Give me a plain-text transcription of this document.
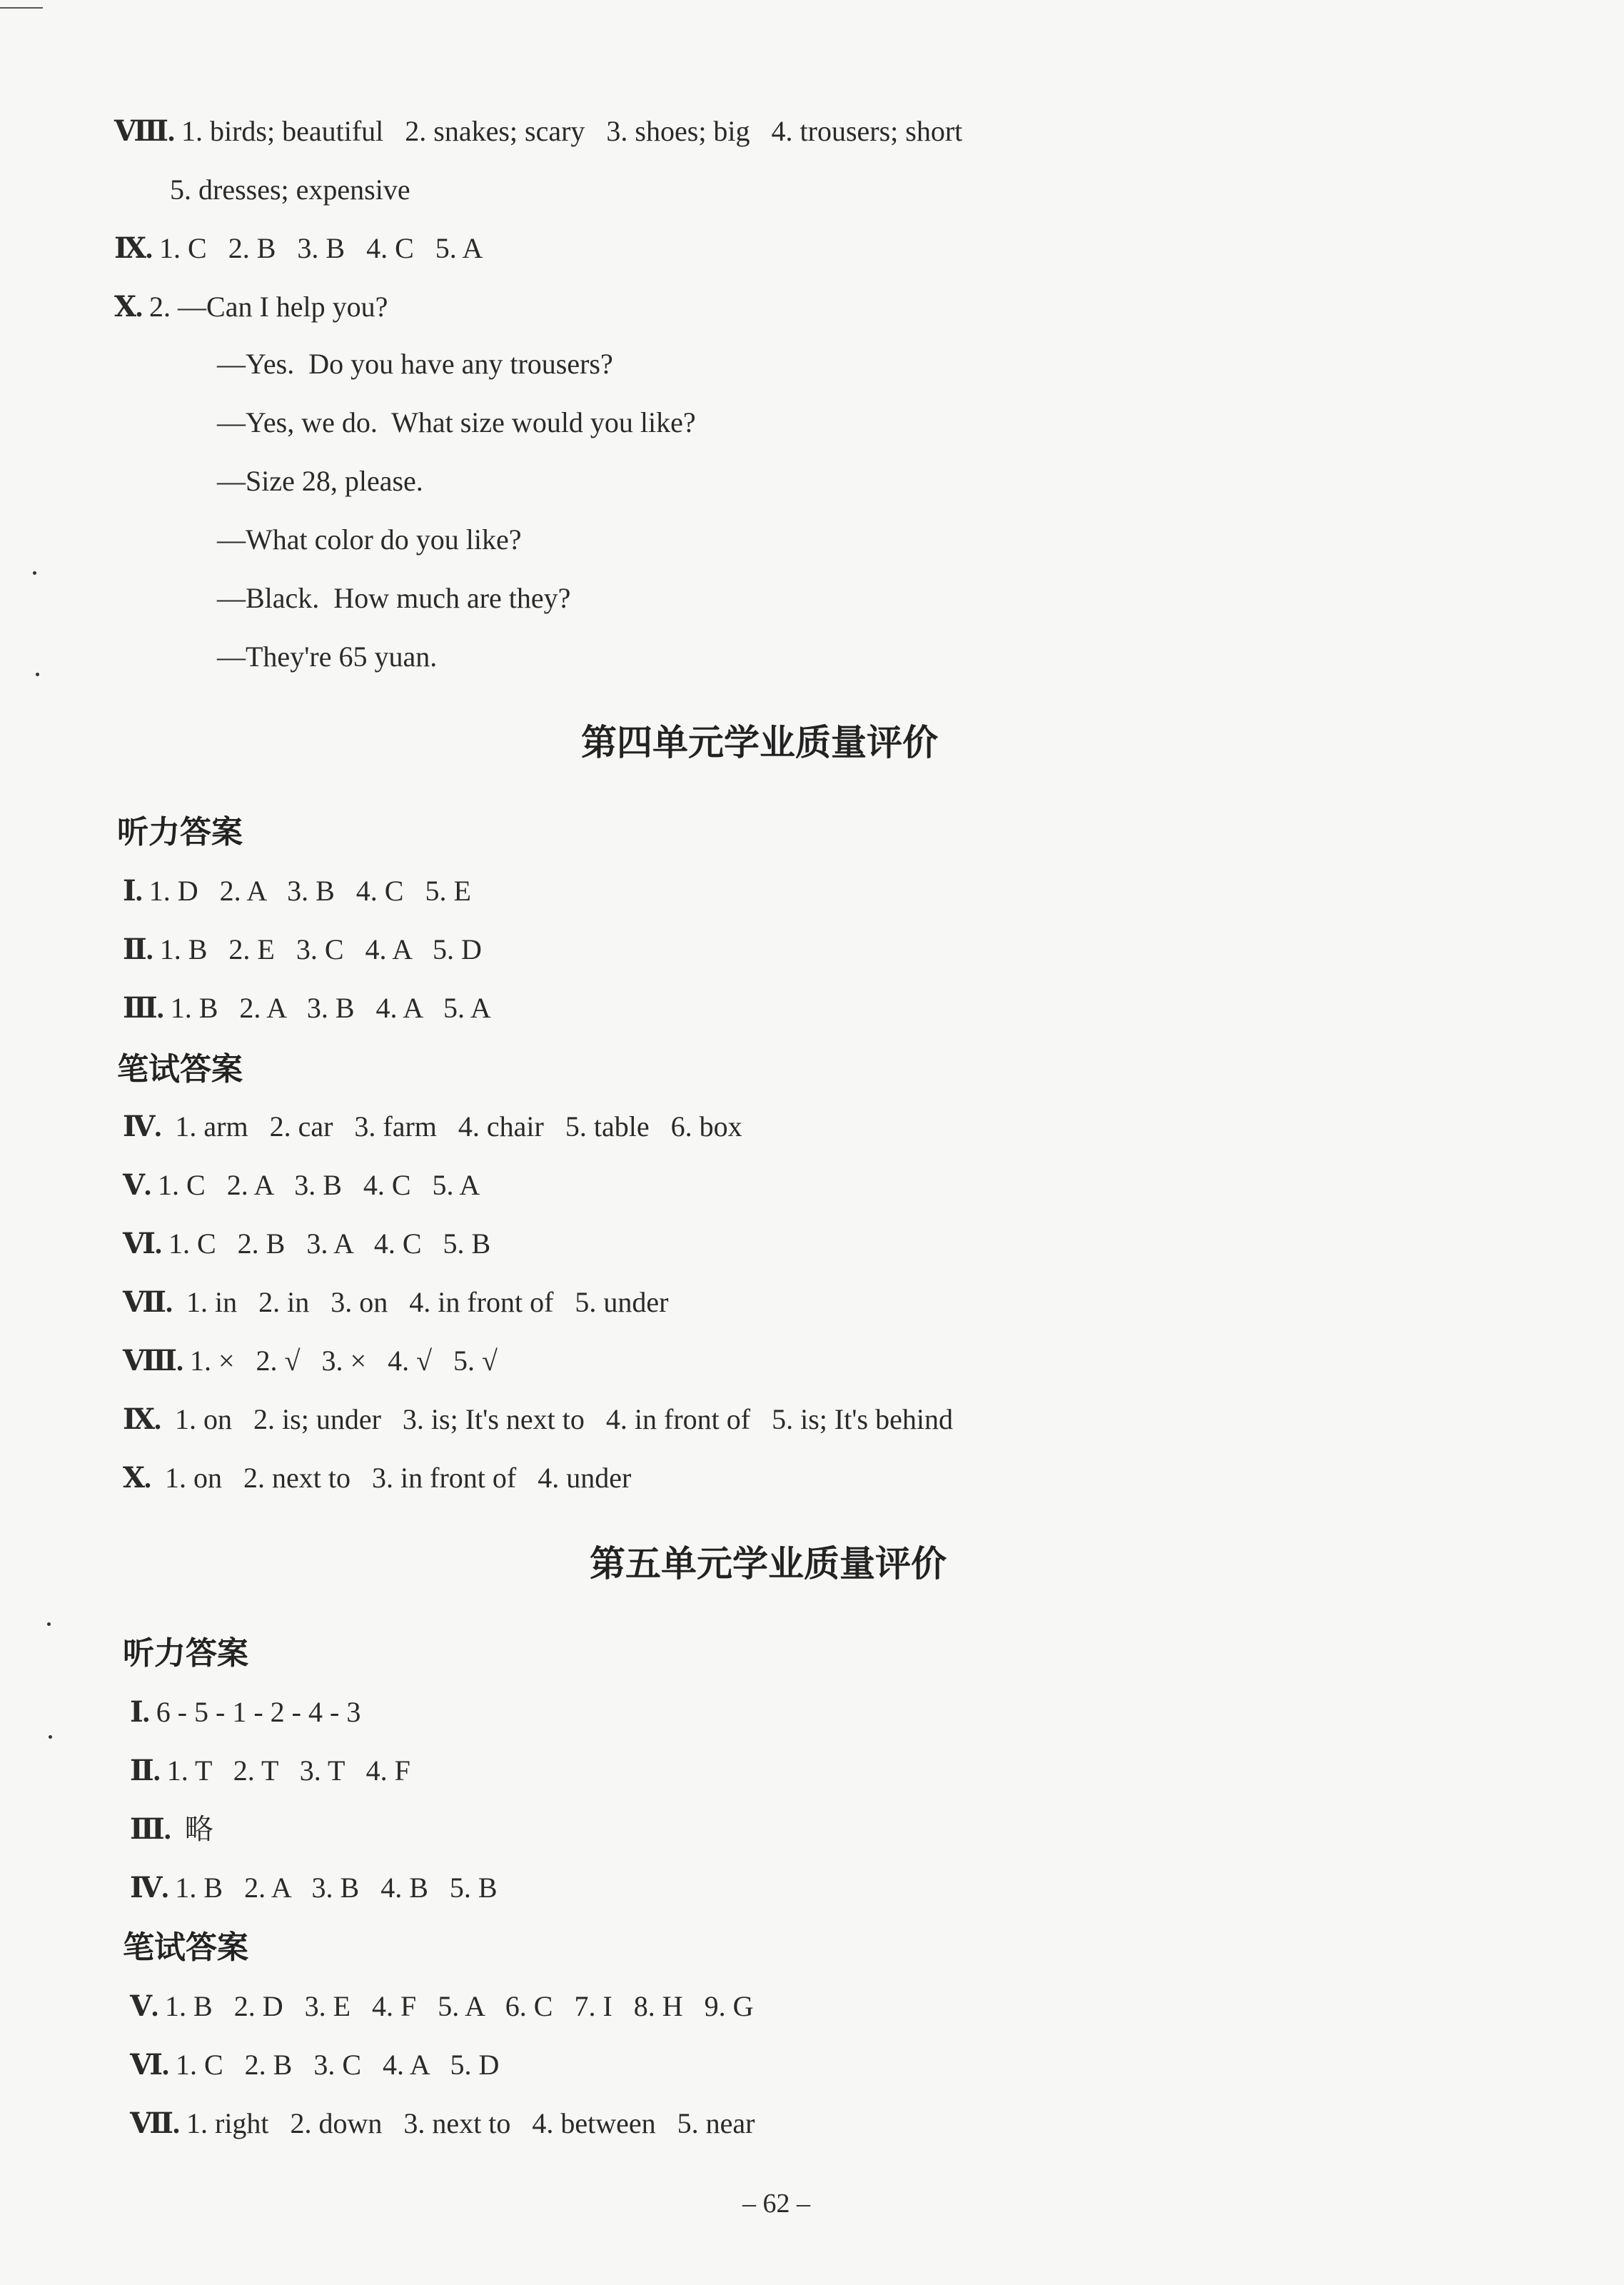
Ⅷ. 1. birds; beautiful   2. snakes; scary   3. shoes; big   4. trousers; short
5. dresses; expensive
Ⅸ. 1. C   2. B   3. B   4. C   5. A
Ⅹ. 2. —Can I help you?
—Yes.  Do you have any trousers?
—Yes, we do.  What size would you like?
—Size 28, please.
—What color do you like?
—Black.  How much are they?
—They're 65 yuan.
第四单元学业质量评价
听力答案
Ⅰ. 1. D   2. A   3. B   4. C   5. E
Ⅱ. 1. B   2. E   3. C   4. A   5. D
Ⅲ. 1. B   2. A   3. B   4. A   5. A
笔试答案
Ⅳ.  1. arm   2. car   3. farm   4. chair   5. table   6. box
Ⅴ. 1. C   2. A   3. B   4. C   5. A
Ⅵ. 1. C   2. B   3. A   4. C   5. B
Ⅶ.  1. in   2. in   3. on   4. in front of   5. under
Ⅷ. 1. ×   2. √   3. ×   4. √   5. √
Ⅸ.  1. on   2. is; under   3. is; It's next to   4. in front of   5. is; It's behind
Ⅹ.  1. on   2. next to   3. in front of   4. under
第五单元学业质量评价
听力答案
Ⅰ. 6 - 5 - 1 - 2 - 4 - 3
Ⅱ. 1. T   2. T   3. T   4. F
Ⅲ.  略
Ⅳ. 1. B   2. A   3. B   4. B   5. B
笔试答案
Ⅴ. 1. B   2. D   3. E   4. F   5. A   6. C   7. I   8. H   9. G
Ⅵ. 1. C   2. B   3. C   4. A   5. D
Ⅶ. 1. right   2. down   3. next to   4. between   5. near
– 62 –
